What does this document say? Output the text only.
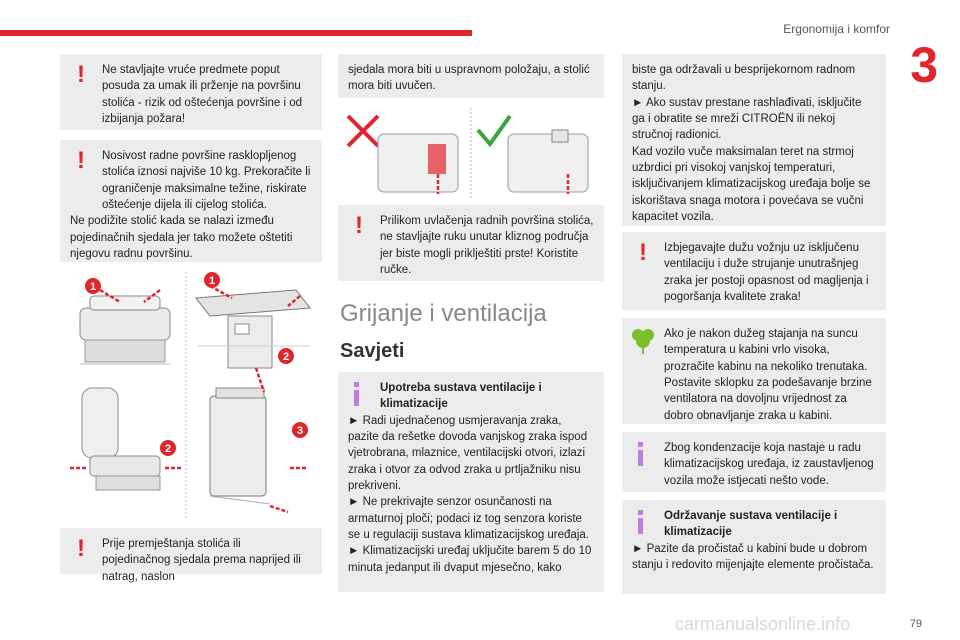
Ergonomija i komfor
3
!	Ne stavljajte vruće predmete poput posuda za umak ili prženje na površinu stolića - rizik od oštećenja površine i od izbijanja požara!

!	Nosivost radne površine rasklopljenog stolića iznosi najviše 10 kg. Prekoračite li ograničenje maksimalne težine, riskirate oštećenje dijela ili cijelog stolića.

Ne podižite stolić kada se nalazi između pojedinačnih sjedala jer tako možete oštetiti njegovu radnu površinu.

1	1
2
2
3
!	Prije premještanja stolića ili pojedinačnog sjedala prema naprijed ili natrag, naslon

sjedala mora biti u uspravnom položaju, a stolić mora biti uvučen.

!	Prilikom uvlačenja radnih površina stolića, ne stavljajte ruku unutar kliznog područja jer biste mogli priklještiti prste! Koristite ručke.

Grijanje i ventilacija
Savjeti

Upotreba sustava ventilacije i klimatizacije

► Radi ujednačenog usmjeravanja zraka, pazite da rešetke dovoda vanjskog zraka ispod vjetrobrana, mlaznice, ventilacijski otvori, izlazi zraka i otvor za odvod zraka u prtljažniku nisu prekriveni.

► Ne prekrivajte senzor osunčanosti na armaturnoj ploči; podaci iz tog senzora koriste se u regulaciji sustava klimatizacijskog uređaja.

► Klimatizacijski uređaj uključite barem 5 do 10 minuta jedanput ili dvaput mjesečno, kako

biste ga održavali u besprijekornom radnom stanju.

► Ako sustav prestane rashlađivati, isključite ga i obratite se mreži CITROËN ili nekoj stručnoj radionici.

Kad vozilo vuče maksimalan teret na strmoj uzbrdici pri visokoj vanjskoj temperaturi, isključivanjem klimatizacijskog uređaja bolje se iskorištava snaga motora i povećava se vučni kapacitet vozila.

!	Izbjegavajte dužu vožnju uz isključenu ventilaciju i duže strujanje unutrašnjeg zraka jer postoji opasnost od magljenja i pogoršanja kvalitete zraka!

Ako je nakon dužeg stajanja na suncu temperatura u kabini vrlo visoka, prozračite kabinu na nekoliko trenutaka. Postavite sklopku za podešavanje brzine ventilatora na dovoljnu vrijednost za dobro obnavljanje zraka u kabini.

Zbog kondenzacije koja nastaje u radu klimatizacijskog uređaja, iz zaustavljenog vozila može istjecati nešto vode.

Održavanje sustava ventilacije i klimatizacije

► Pazite da pročistač u kabini bude u dobrom stanju i redovito mijenjajte elemente pročistača.

carmanualsonline.info	79
